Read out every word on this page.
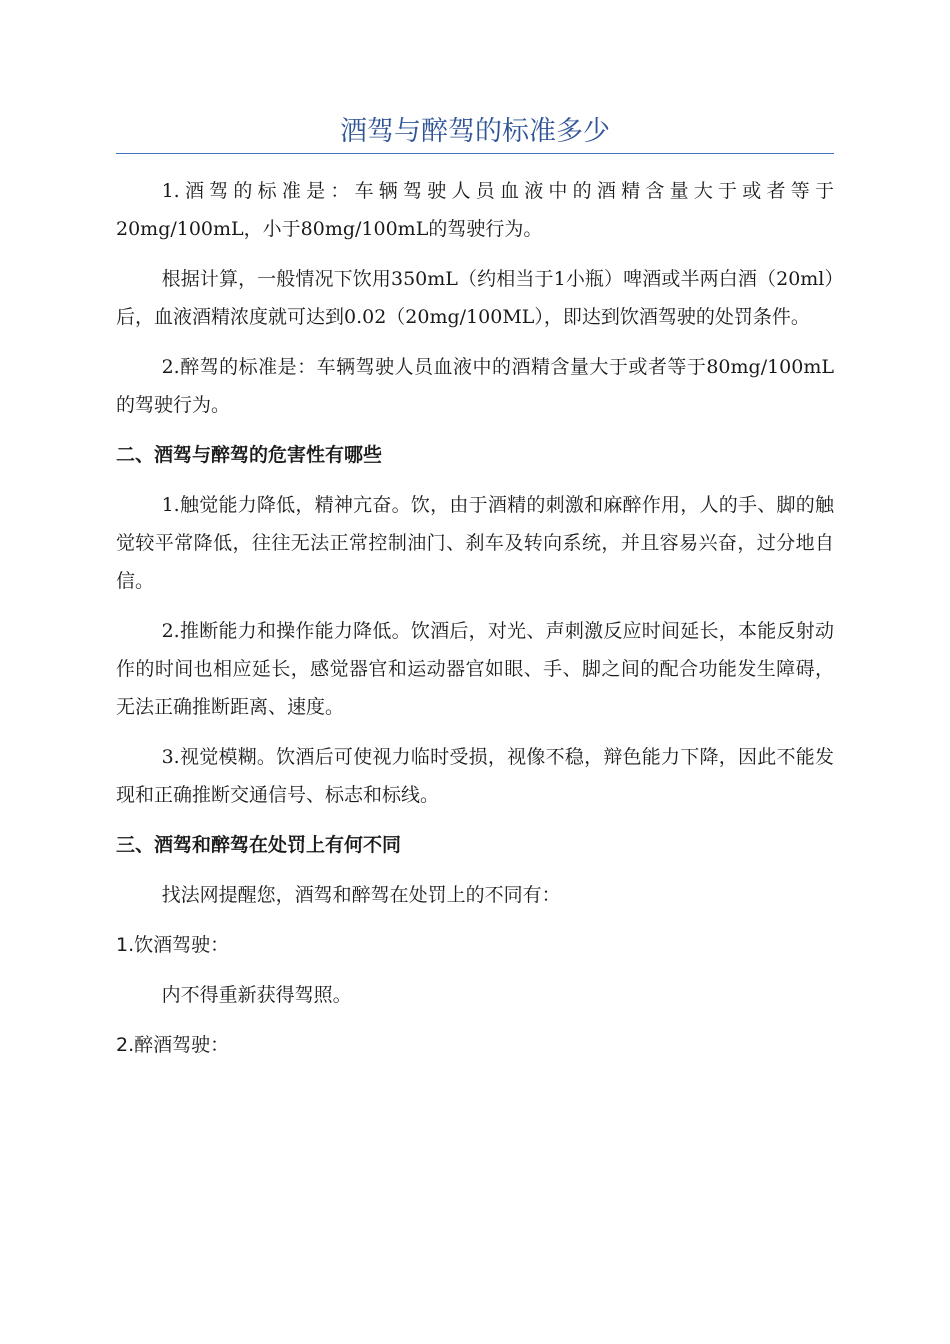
酒驾与醉驾的标准多少

1.酒驾的标准是：车辆驾驶人员血液中的酒精含量大于或者等于20mg/100mL，小于80mg/100mL的驾驶行为。

根据计算，一般情况下饮用350mL（约相当于1小瓶）啤酒或半两白酒（20ml）后，血液酒精浓度就可达到0.02（20mg/100ML），即达到饮酒驾驶的处罚条件。

2.醉驾的标准是：车辆驾驶人员血液中的酒精含量大于或者等于80mg/100mL的驾驶行为。

二、酒驾与醉驾的危害性有哪些

1.触觉能力降低，精神亢奋。饮，由于酒精的刺激和麻醉作用，人的手、脚的触觉较平常降低，往往无法正常控制油门、刹车及转向系统，并且容易兴奋，过分地自信。

2.推断能力和操作能力降低。饮酒后，对光、声刺激反应时间延长，本能反射动作的时间也相应延长，感觉器官和运动器官如眼、手、脚之间的配合功能发生障碍，无法正确推断距离、速度。

3.视觉模糊。饮酒后可使视力临时受损，视像不稳，辩色能力下降，因此不能发现和正确推断交通信号、标志和标线。

三、酒驾和醉驾在处罚上有何不同

找法网提醒您，酒驾和醉驾在处罚上的不同有：

1.饮酒驾驶：

内不得重新获得驾照。

2.醉酒驾驶：
